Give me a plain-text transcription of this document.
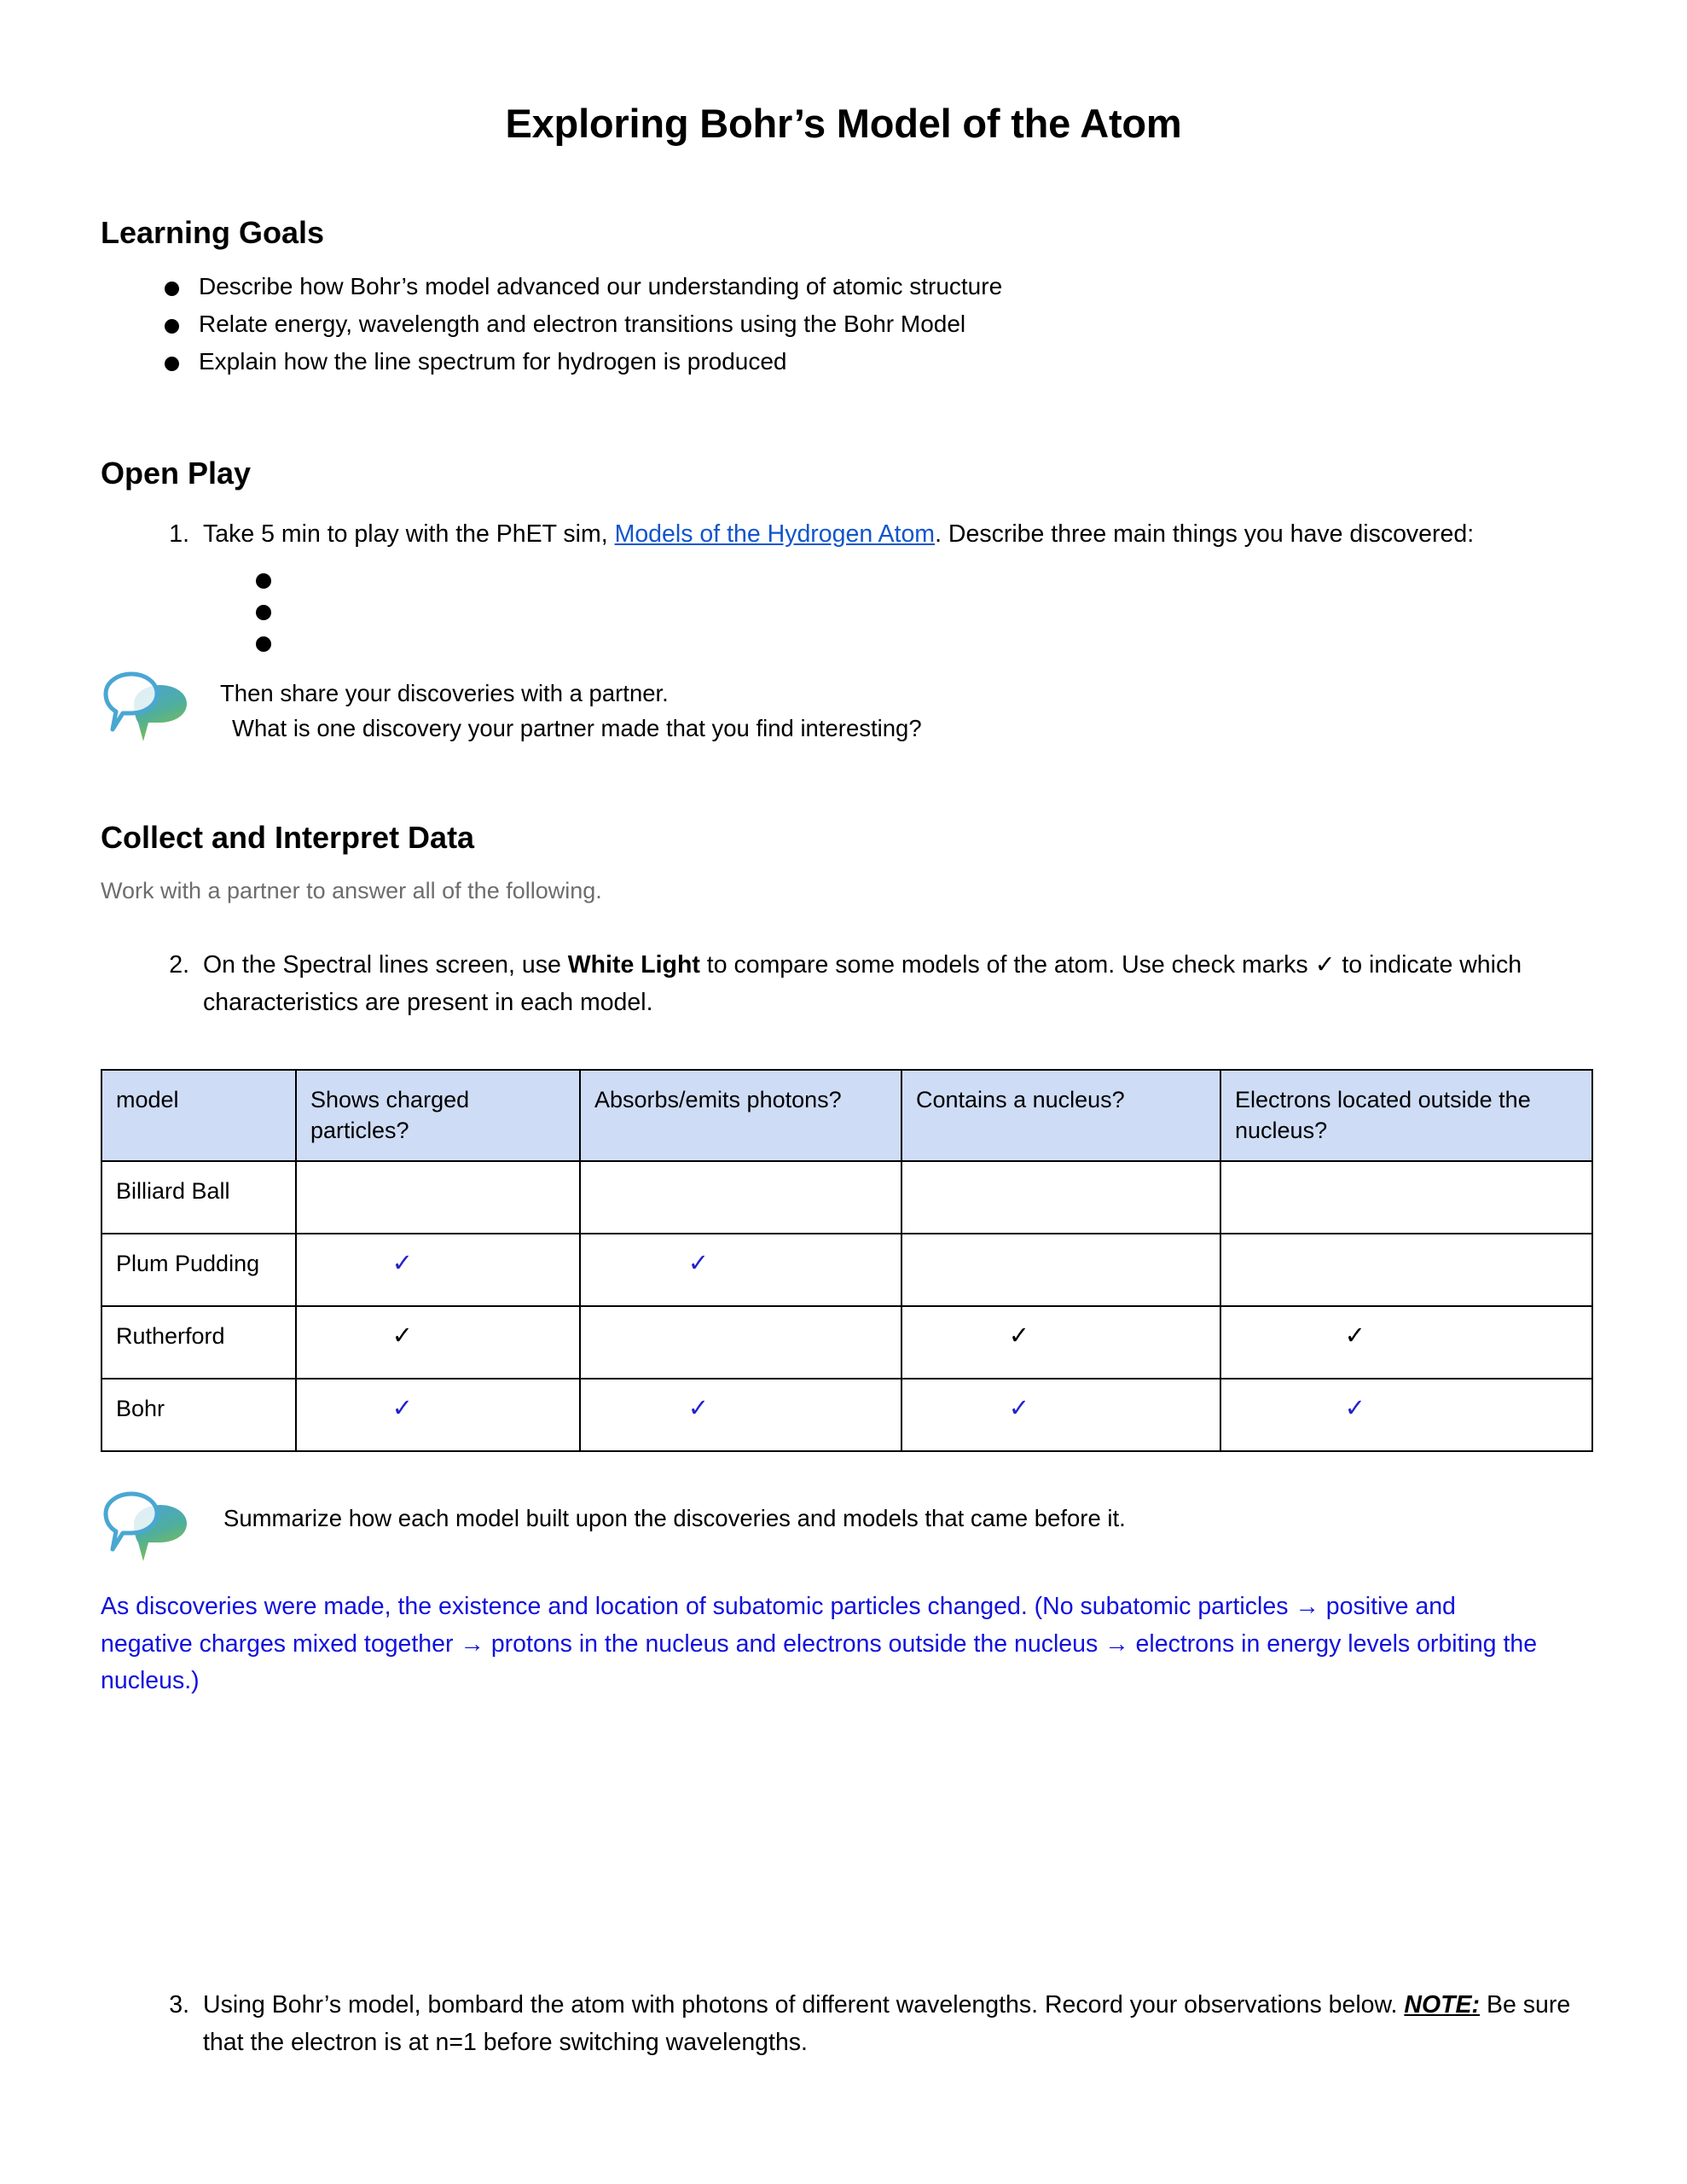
Exploring Bohr’s Model of the Atom
Learning Goals
Describe how Bohr’s model advanced our understanding of atomic structure
Relate energy, wavelength and electron transitions using the Bohr Model
Explain how the line spectrum for hydrogen is produced
Open Play
1. Take 5 min to play with the PhET sim, Models of the Hydrogen Atom. Describe three main things you have discovered:
Then share your discoveries with a partner.
What is one discovery your partner made that you find interesting?
Collect and Interpret Data
Work with a partner to answer all of the following.
2. On the Spectral lines screen, use White Light to compare some models of the atom. Use check marks ✓ to indicate which characteristics are present in each model.
model	Shows charged particles?	Absorbs/emits photons?	Contains a nucleus?	Electrons located outside the nucleus?
Billiard Ball				
Plum Pudding	✓	✓		
Rutherford	✓		✓	✓
Bohr	✓	✓	✓	✓
Summarize how each model built upon the discoveries and models that came before it.
As discoveries were made, the existence and location of subatomic particles changed. (No subatomic particles → positive and negative charges mixed together → protons in the nucleus and electrons outside the nucleus → electrons in energy levels orbiting the nucleus.)
3. Using Bohr’s model, bombard the atom with photons of different wavelengths. Record your observations below. NOTE: Be sure that the electron is at n=1 before switching wavelengths.
